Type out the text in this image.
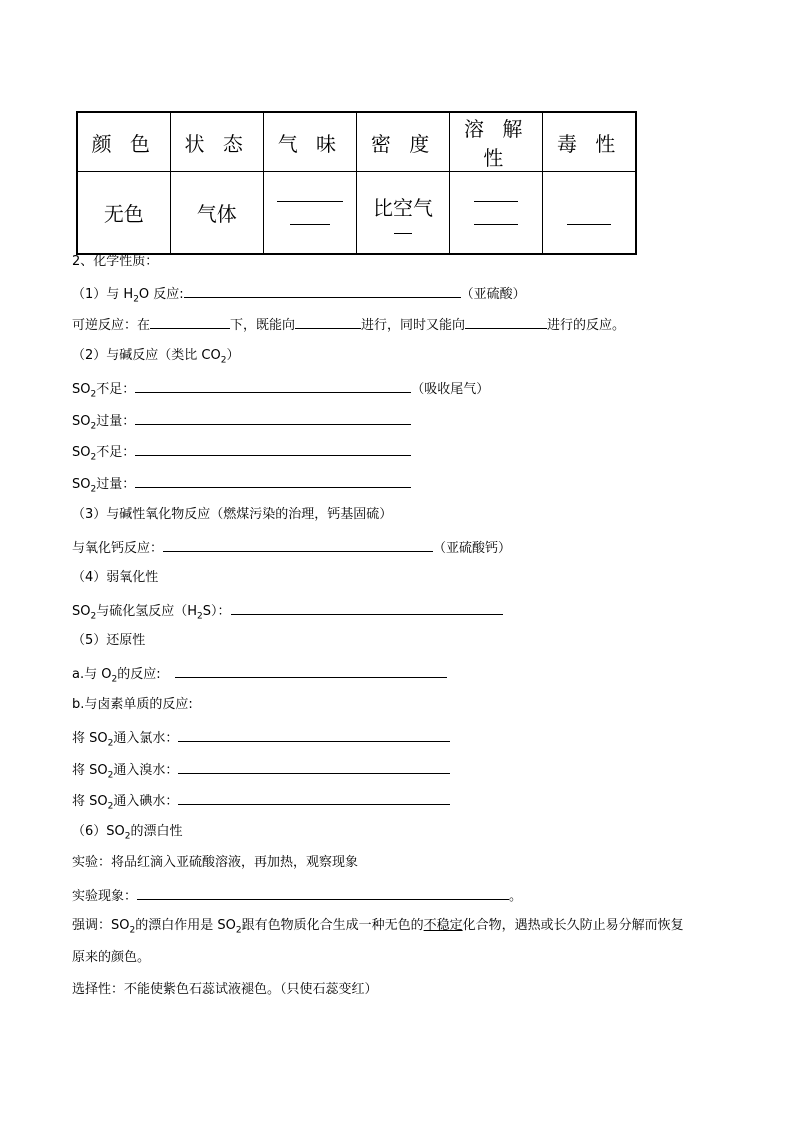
颜 色	状 态	气 味	密 度	溶 解 性	毒 性
无色	气体		比空气		

2、化学性质：
（1）与 $H_2O$ 反应:	（亚硫酸）
可逆反应：在	下，既能向	进行，同时又能向	进行的反应。
（2）与碱反应（类比 $CO_2$）
$SO_2$不足：	（吸收尾气）
$SO_2$过量：
$SO_2$不足：
$SO_2$过量：
（3）与碱性氧化物反应（燃煤污染的治理，钙基固硫）
与氧化钙反应：	（亚硫酸钙）
（4）弱氧化性
$SO_2$与硫化氢反应$(H_2S)$：
（5）还原性
a.与 $O_2$的反应:
b.与卤素单质的反应:
将 $SO_2$通入氯水：
将 $SO_2$通入溴水：
将 $SO_2$通入碘水：
$(6)SO_2$的漂白性
实验：将品红滴入亚硫酸溶液，再加热，观察现象
实验现象：	。
强调：$SO_2$的漂白作用是 $SO_2$跟有色物质化合生成一种无色的不稳定化合物，遇热或长久防止易分解而恢复
原来的颜色。
选择性：不能使紫色石蕊试液褪色。（只使石蕊变红）
